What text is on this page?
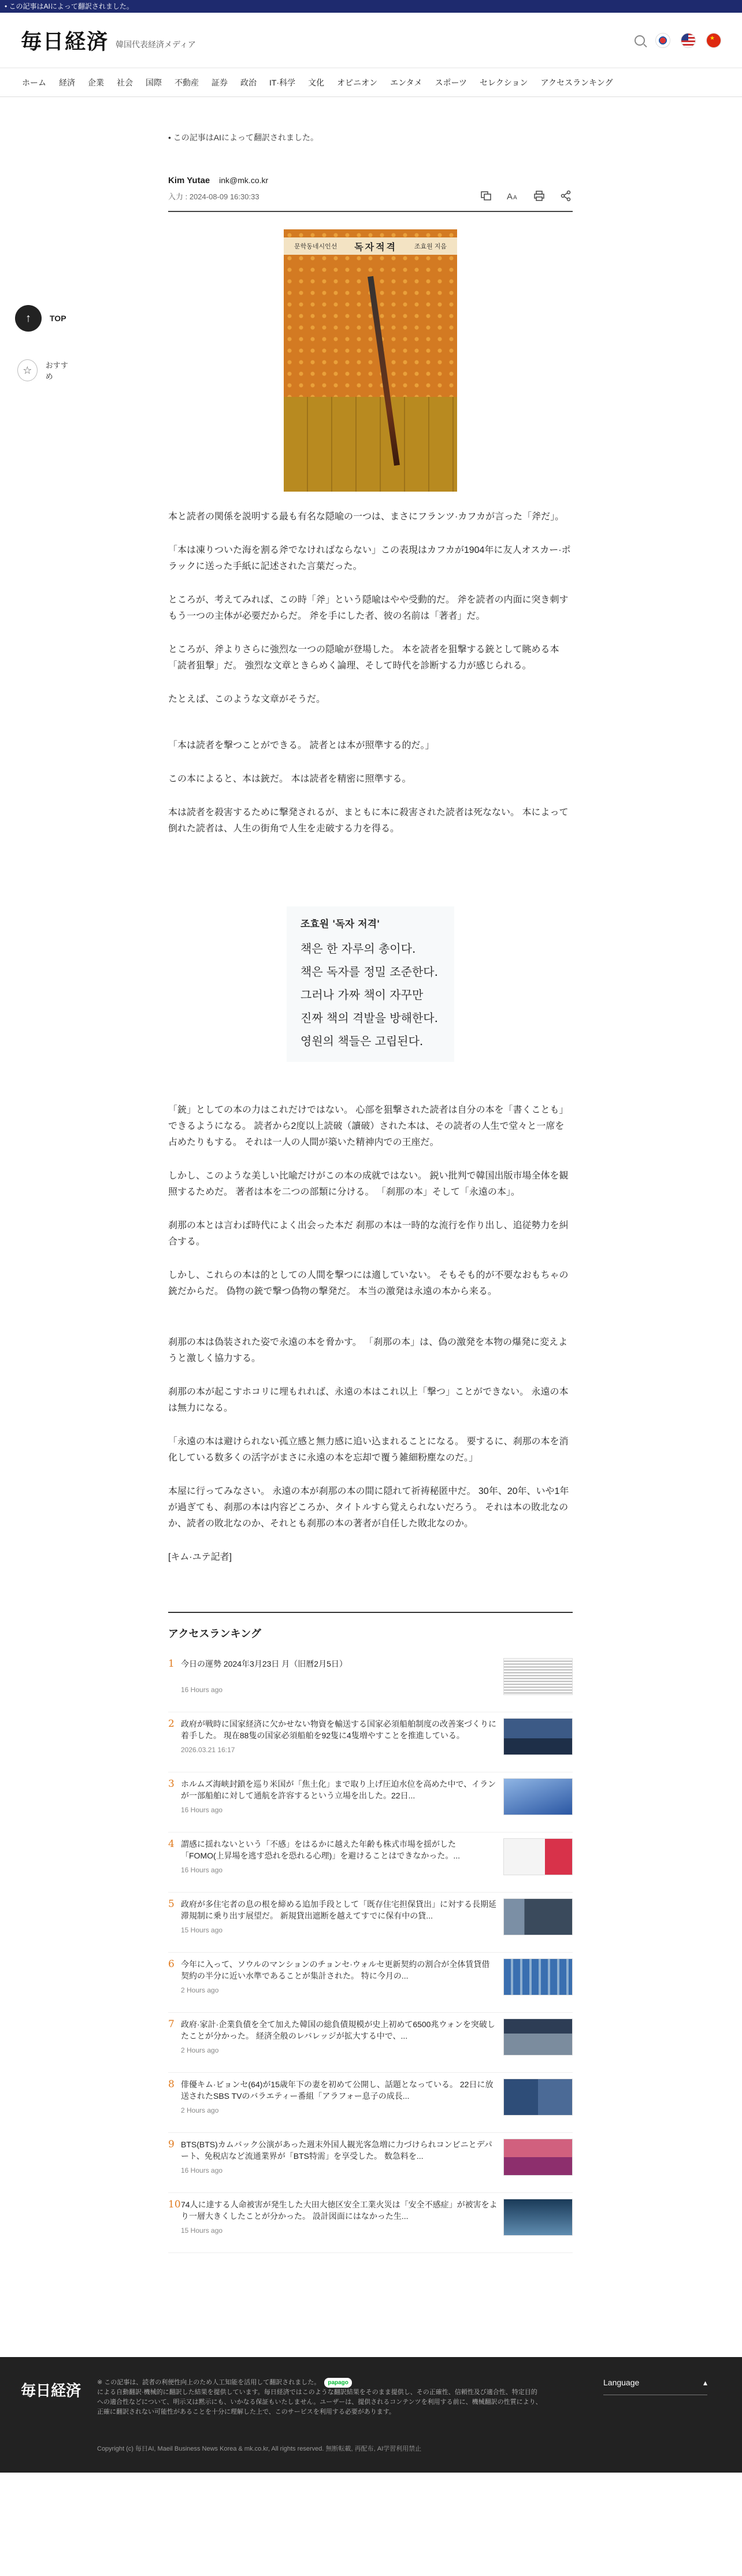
• この記事はAIによって翻訳されました。
毎日経済 韓国代表経済メディア
★
ホーム 経済 企業 社会 国際 不動産 証券 政治 IT·科学 文化 オピニオン エンタメ スポーツ セレクション アクセスランキング
↑	TOP
☆	おすすめ
• この記事はAIによって翻訳されました。
Kim Yutae ink@mk.co.kr
入力 : 2024-08-09 16:30:33	A A
문학동네시인선 독자적격	조효원 지음

本と読者の関係を説明する最も有名な隠喩の一つは、まさにフランツ·カフカが言った「斧だ」。

「本は凍りついた海を割る斧でなければならない」この表現はカフカが1904年に友人オスカー·ポラックに送った手紙に記述された言葉だった。

ところが、考えてみれば、この時「斧」という隠喩はやや受動的だ。 斧を読者の内面に突き刺すもう一つの主体が必要だからだ。 斧を手にした者、彼の名前は「著者」だ。

ところが、斧よりさらに強烈な一つの隠喩が登場した。 本を読者を狙撃する銃として眺める本「読者狙撃」だ。 強烈な文章ときらめく論理、そして時代を診断する力が感じられる。

たとえば、このような文章がそうだ。

「本は読者を撃つことができる。 読者とは本が照準する的だ。」

この本によると、本は銃だ。 本は読者を精密に照準する。

本は読者を殺害するために撃発されるが、まともに本に殺害された読者は死なない。 本によって倒れた読者は、人生の街角で人生を走破する力を得る。

조효원 '독자 저격'
책은 한 자루의 총이다.
책은 독자를 정밀 조준한다.
그러나 가짜 책이 자꾸만
진짜 책의 격발을 방해한다.
영원의 책들은 고립된다.

「銃」としての本の力はこれだけではない。 心部を狙撃された読者は自分の本を「書くことも」できるようになる。 読者から2度以上読破（讀破）された本は、その読者の人生で堂々と一席を占めたりもする。 それは一人の人間が築いた精神内での王座だ。

しかし、このような美しい比喩だけがこの本の成就ではない。 鋭い批判で韓国出版市場全体を観照するためだ。 著者は本を二つの部類に分ける。 「刹那の本」そして「永遠の本」。

刹那の本とは言わば時代によく出会った本だ 刹那の本は一時的な流行を作り出し、追従勢力を糾合する。

しかし、これらの本は的としての人間を撃つには適していない。 そもそも的が不要なおもちゃの銃だからだ。 偽物の銃で撃つ偽物の撃発だ。 本当の激発は永遠の本から来る。

刹那の本は偽装された姿で永遠の本を脅かす。 「刹那の本」は、偽の激発を本物の爆発に変えようと激しく協力する。

刹那の本が起こすホコリに埋もれれば、永遠の本はこれ以上「撃つ」ことができない。 永遠の本は無力になる。

「永遠の本は避けられない孤立感と無力感に追い込まれることになる。 要するに、刹那の本を消化している数多くの活字がまさに永遠の本を忘却で覆う雑細粉塵なのだ。」

本屋に行ってみなさい。 永遠の本が刹那の本の間に隠れて祈祷秘匿中だ。 30年、20年、いや1年が過ぎても、刹那の本は内容どころか、タイトルすら覚えられないだろう。 それは本の敗北なのか、読者の敗北なのか、それとも刹那の本の著者が自任した敗北なのか。

[キム·ユテ記者]

アクセスランキング
1 今日の運勢 2024年3月23日 月（旧暦2月5日）
16 Hours ago
2 政府が戦時に国家経済に欠かせない物資を輸送する国家必須船舶制度の改善案づくりに着手した。 現在88隻の国家必須船舶を92隻に4隻増やすことを推進している。
2026.03.21 16:17
3 ホルムズ海峡封鎖を巡り米国が「焦土化」まで取り上げ圧迫水位を高めた中で、イランが一部船舶に対して通航を許容するという立場を出した。22日...
16 Hours ago
4 謂感に揺れないという「不感」をはるかに越えた年齢も株式市場を揺がした「FOMO(上昇場を逃す恐れを恐れる心理)」を避けることはできなかった。...
16 Hours ago
5 政府が多住宅者の息の根を締める追加手段として「既存住宅担保貸出」に対する長期延滞規制に乗り出す展望だ。 新規貸出遮断を越えてすでに保有中の貸...
15 Hours ago
6 今年に入って、ソウルのマンションのチョンセ·ウォルセ更新契約の割合が全体賃貸借契約の半分に近い水準であることが集計された。 特に今月の...
2 Hours ago
7 政府·家計·企業負債を全て加えた韓国の総負債規模が史上初めて6500兆ウォンを突破したことが分かった。 経済全般のレバレッジが拡大する中で、...
2 Hours ago
8 俳優キム·ビョンセ(64)が15歳年下の妻を初めて公開し、話題となっている。 22日に放送されたSBS TVのバラエティー番組「アラフォー息子の成長...
2 Hours ago
9 BTS(BTS)カムバック公演があった週末外国人観光客急増に力づけられコンビニとデパート、免税店など流通業界が「BTS特需」を享受した。 数急料を...
16 Hours ago
10 74人に達する人命被害が発生した大田大徳区安全工業火災は「安全不感症」が被害をより一層大きくしたことが分かった。 設計図面にはなかった生...
15 Hours ago
毎日経済	※ この記事は、読者の利便性向上のため人工知能を活用して翻訳されました。 papago
による自動翻訳·機械的に翻訳した結果を提供しています。毎日経済ではこのような翻訳結果をそのまま提供し、その正確性、信頼性及び適合性、特定目的への適合性などについて、明示又は黙示にも、いかなる保証もいたしません。ユーザーは、提供されるコンテンツを利用する前に、機械翻訳の性質により、正確に翻訳されない可能性があることを十分に理解した上で、このサービスを利用する必要があります。
Language	▴
Copyright (c) 毎日AI, Maeil Business News Korea & mk.co.kr, All rights reserved. 無断転載, 再配布, AI学習利用禁止
